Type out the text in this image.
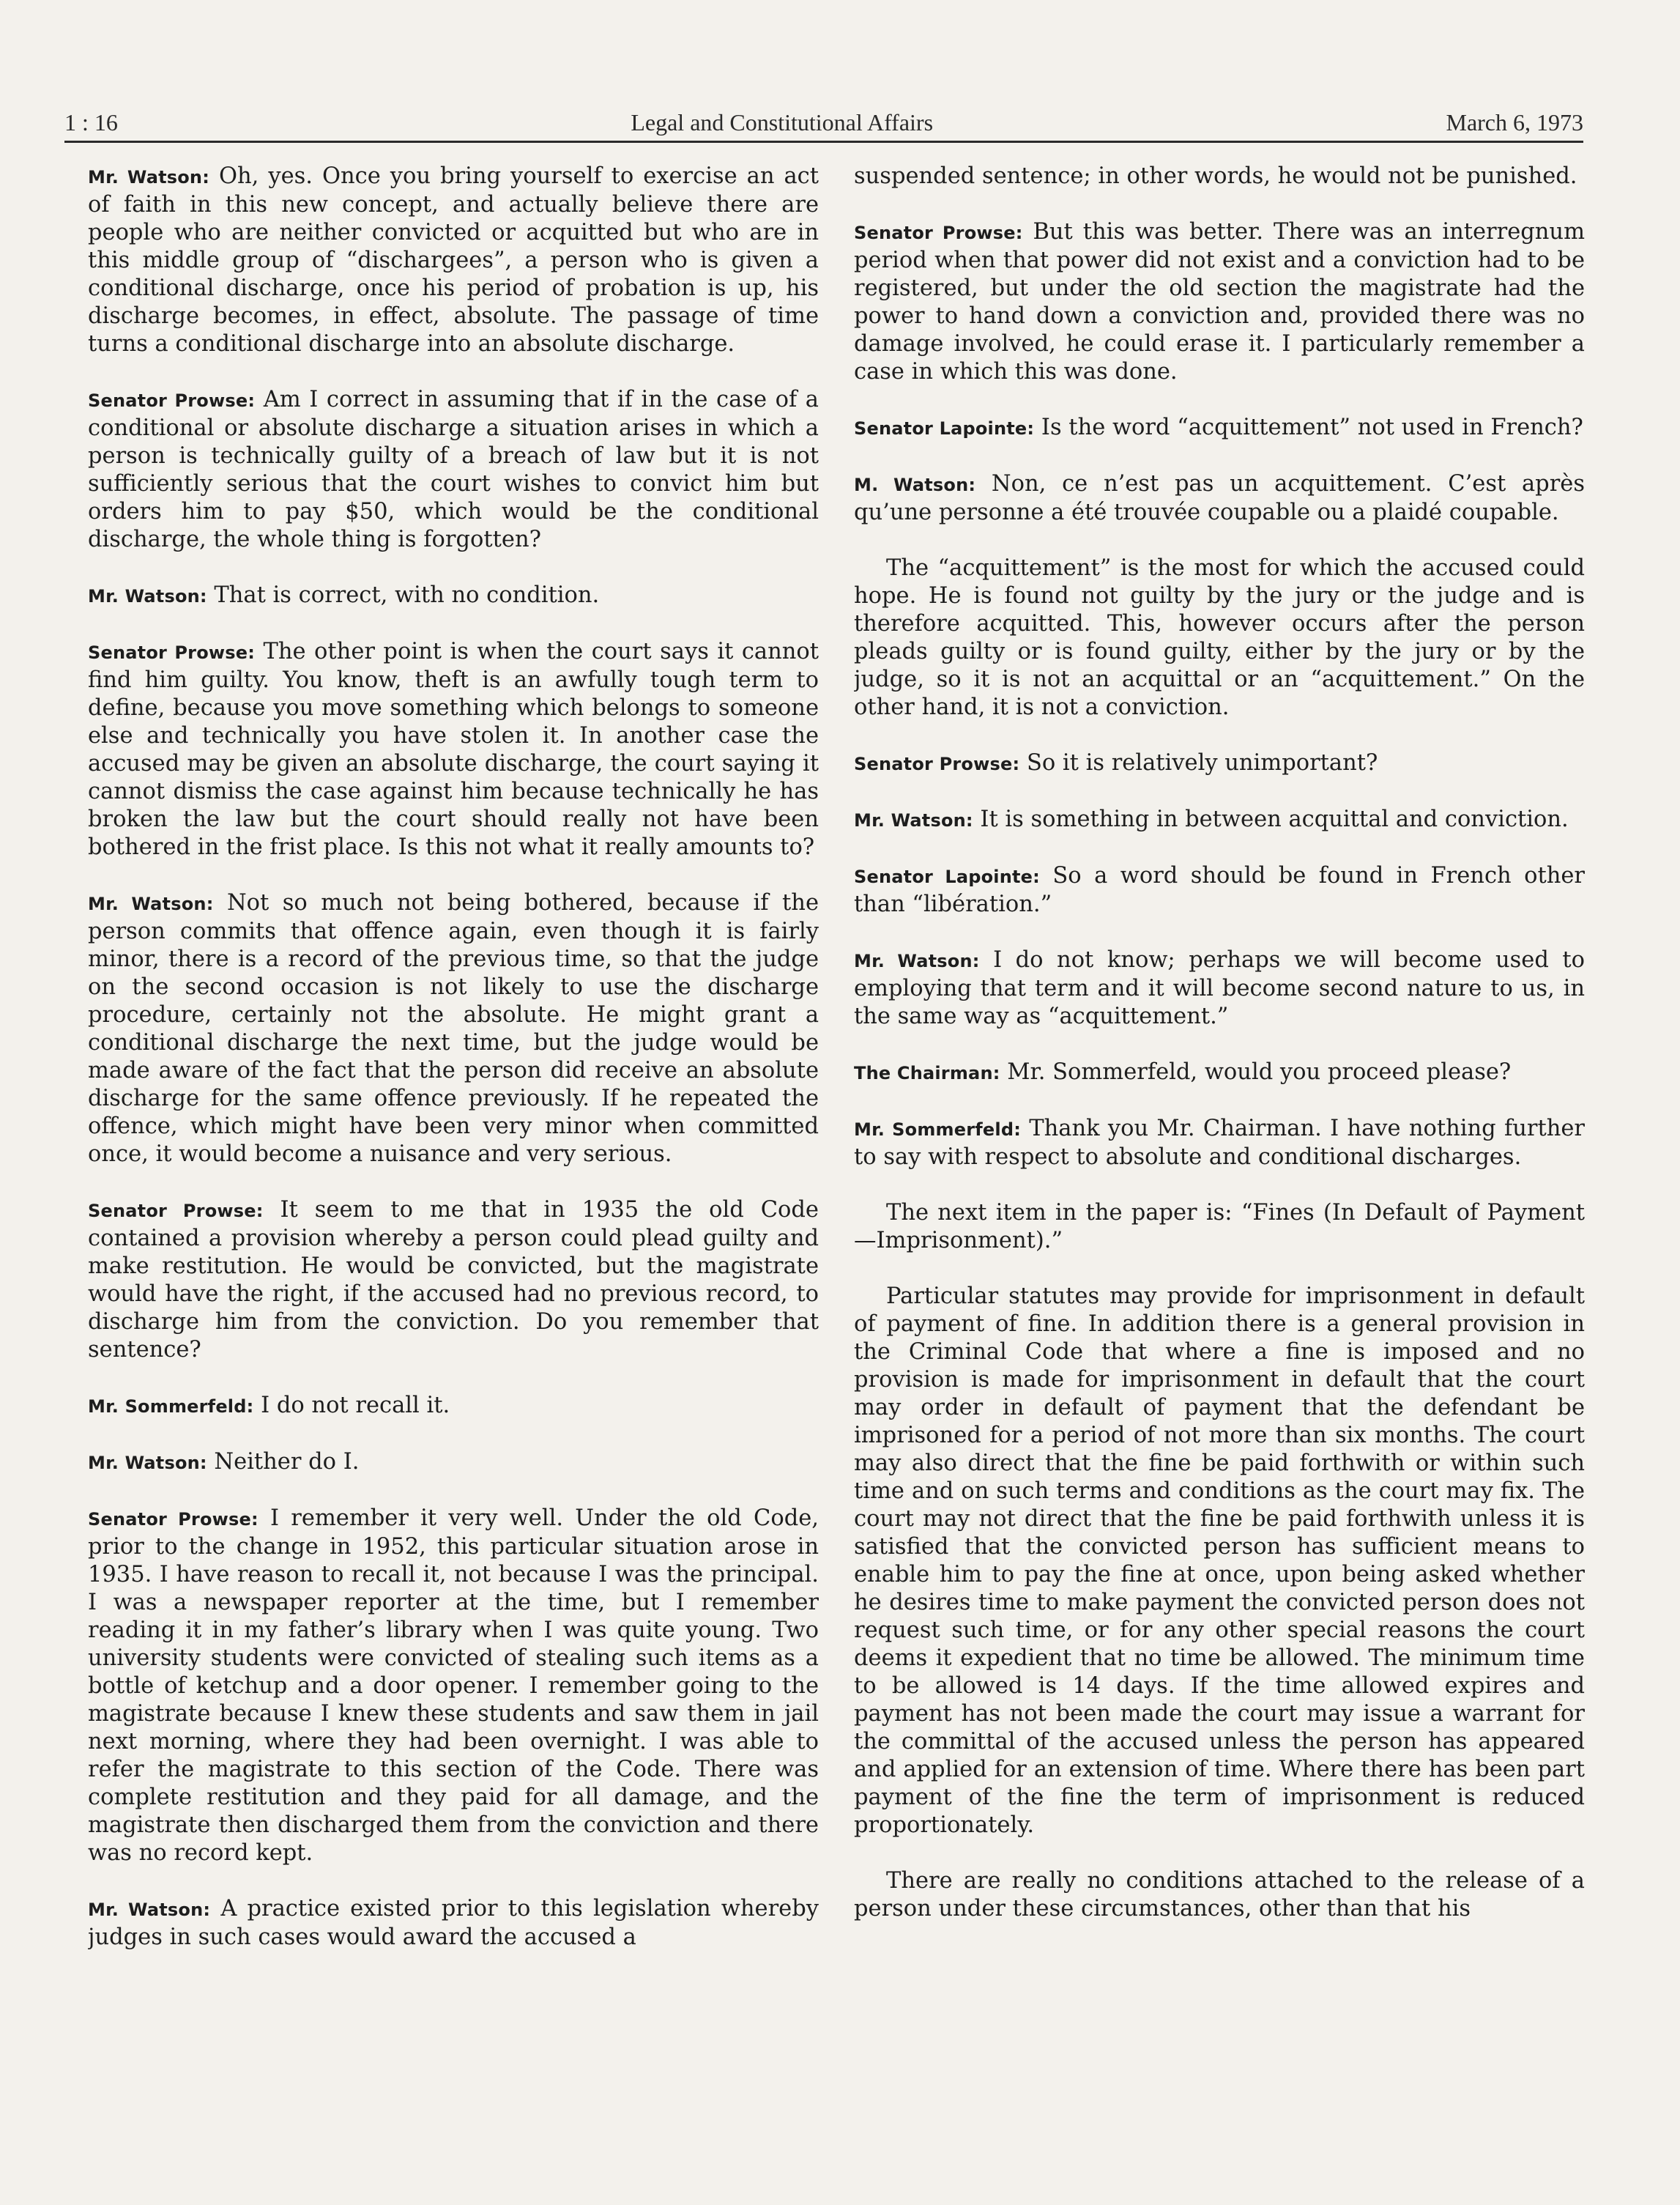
1 : 16	Legal and Constitutional Affairs	March 6, 1973

Mr. Watson: Oh, yes. Once you bring yourself to exercise an act of faith in this new concept, and actually believe there are people who are neither convicted or acquitted but who are in this middle group of “dischargees”, a person who is given a conditional discharge, once his period of probation is up, his discharge becomes, in effect, absolute. The passage of time turns a conditional discharge into an absolute discharge.

Senator Prowse: Am I correct in assuming that if in the case of a conditional or absolute discharge a situation arises in which a person is technically guilty of a breach of law but it is not sufficiently serious that the court wishes to convict him but orders him to pay $50, which would be the conditional discharge, the whole thing is forgotten?

Mr. Watson: That is correct, with no condition.

Senator Prowse: The other point is when the court says it cannot find him guilty. You know, theft is an awfully tough term to define, because you move something which belongs to someone else and technically you have stolen it. In another case the accused may be given an absolute discharge, the court saying it cannot dismiss the case against him because technically he has broken the law but the court should really not have been bothered in the frist place. Is this not what it really amounts to?

Mr. Watson: Not so much not being bothered, because if the person commits that offence again, even though it is fairly minor, there is a record of the previous time, so that the judge on the second occasion is not likely to use the discharge procedure, certainly not the absolute. He might grant a conditional discharge the next time, but the judge would be made aware of the fact that the person did receive an absolute discharge for the same offence previously. If he repeated the offence, which might have been very minor when committed once, it would become a nuisance and very serious.

Senator Prowse: It seem to me that in 1935 the old Code contained a provision whereby a person could plead guilty and make restitution. He would be convicted, but the magistrate would have the right, if the accused had no previous record, to discharge him from the conviction. Do you remember that sentence?

Mr. Sommerfeld: I do not recall it.

Mr. Watson: Neither do I.

Senator Prowse: I remember it very well. Under the old Code, prior to the change in 1952, this particular situation arose in 1935. I have reason to recall it, not because I was the principal. I was a newspaper reporter at the time, but I remember reading it in my father’s library when I was quite young. Two university students were convicted of stealing such items as a bottle of ketchup and a door opener. I remember going to the magistrate because I knew these students and saw them in jail next morning, where they had been overnight. I was able to refer the magistrate to this section of the Code. There was complete restitution and they paid for all damage, and the magistrate then discharged them from the conviction and there was no record kept.

Mr. Watson: A practice existed prior to this legislation whereby judges in such cases would award the accused a

suspended sentence; in other words, he would not be punished.

Senator Prowse: But this was better. There was an interregnum period when that power did not exist and a conviction had to be registered, but under the old section the magistrate had the power to hand down a conviction and, provided there was no damage involved, he could erase it. I particularly remember a case in which this was done.

Senator Lapointe: Is the word “acquittement” not used in French?

M. Watson: Non, ce n’est pas un acquittement. C’est après qu’une personne a été trouvée coupable ou a plaidé coupable.

The “acquittement” is the most for which the accused could hope. He is found not guilty by the jury or the judge and is therefore acquitted. This, however occurs after the person pleads guilty or is found guilty, either by the jury or by the judge, so it is not an acquittal or an “acquittement.” On the other hand, it is not a conviction.

Senator Prowse: So it is relatively unimportant?

Mr. Watson: It is something in between acquittal and conviction.

Senator Lapointe: So a word should be found in French other than “libération.”

Mr. Watson: I do not know; perhaps we will become used to employing that term and it will become second nature to us, in the same way as “acquittement.”

The Chairman: Mr. Sommerfeld, would you proceed please?

Mr. Sommerfeld: Thank you Mr. Chairman. I have nothing further to say with respect to absolute and conditional discharges.

The next item in the paper is: “Fines (In Default of Payment—Imprisonment).”

Particular statutes may provide for imprisonment in default of payment of fine. In addition there is a general provision in the Criminal Code that where a fine is imposed and no provision is made for imprisonment in default that the court may order in default of payment that the defendant be imprisoned for a period of not more than six months. The court may also direct that the fine be paid forthwith or within such time and on such terms and conditions as the court may fix. The court may not direct that the fine be paid forthwith unless it is satisfied that the convicted person has sufficient means to enable him to pay the fine at once, upon being asked whether he desires time to make payment the convicted person does not request such time, or for any other special reasons the court deems it expedient that no time be allowed. The minimum time to be allowed is 14 days. If the time allowed expires and payment has not been made the court may issue a warrant for the committal of the accused unless the person has appeared and applied for an extension of time. Where there has been part payment of the fine the term of imprisonment is reduced proportionately.

There are really no conditions attached to the release of a person under these circumstances, other than that his
